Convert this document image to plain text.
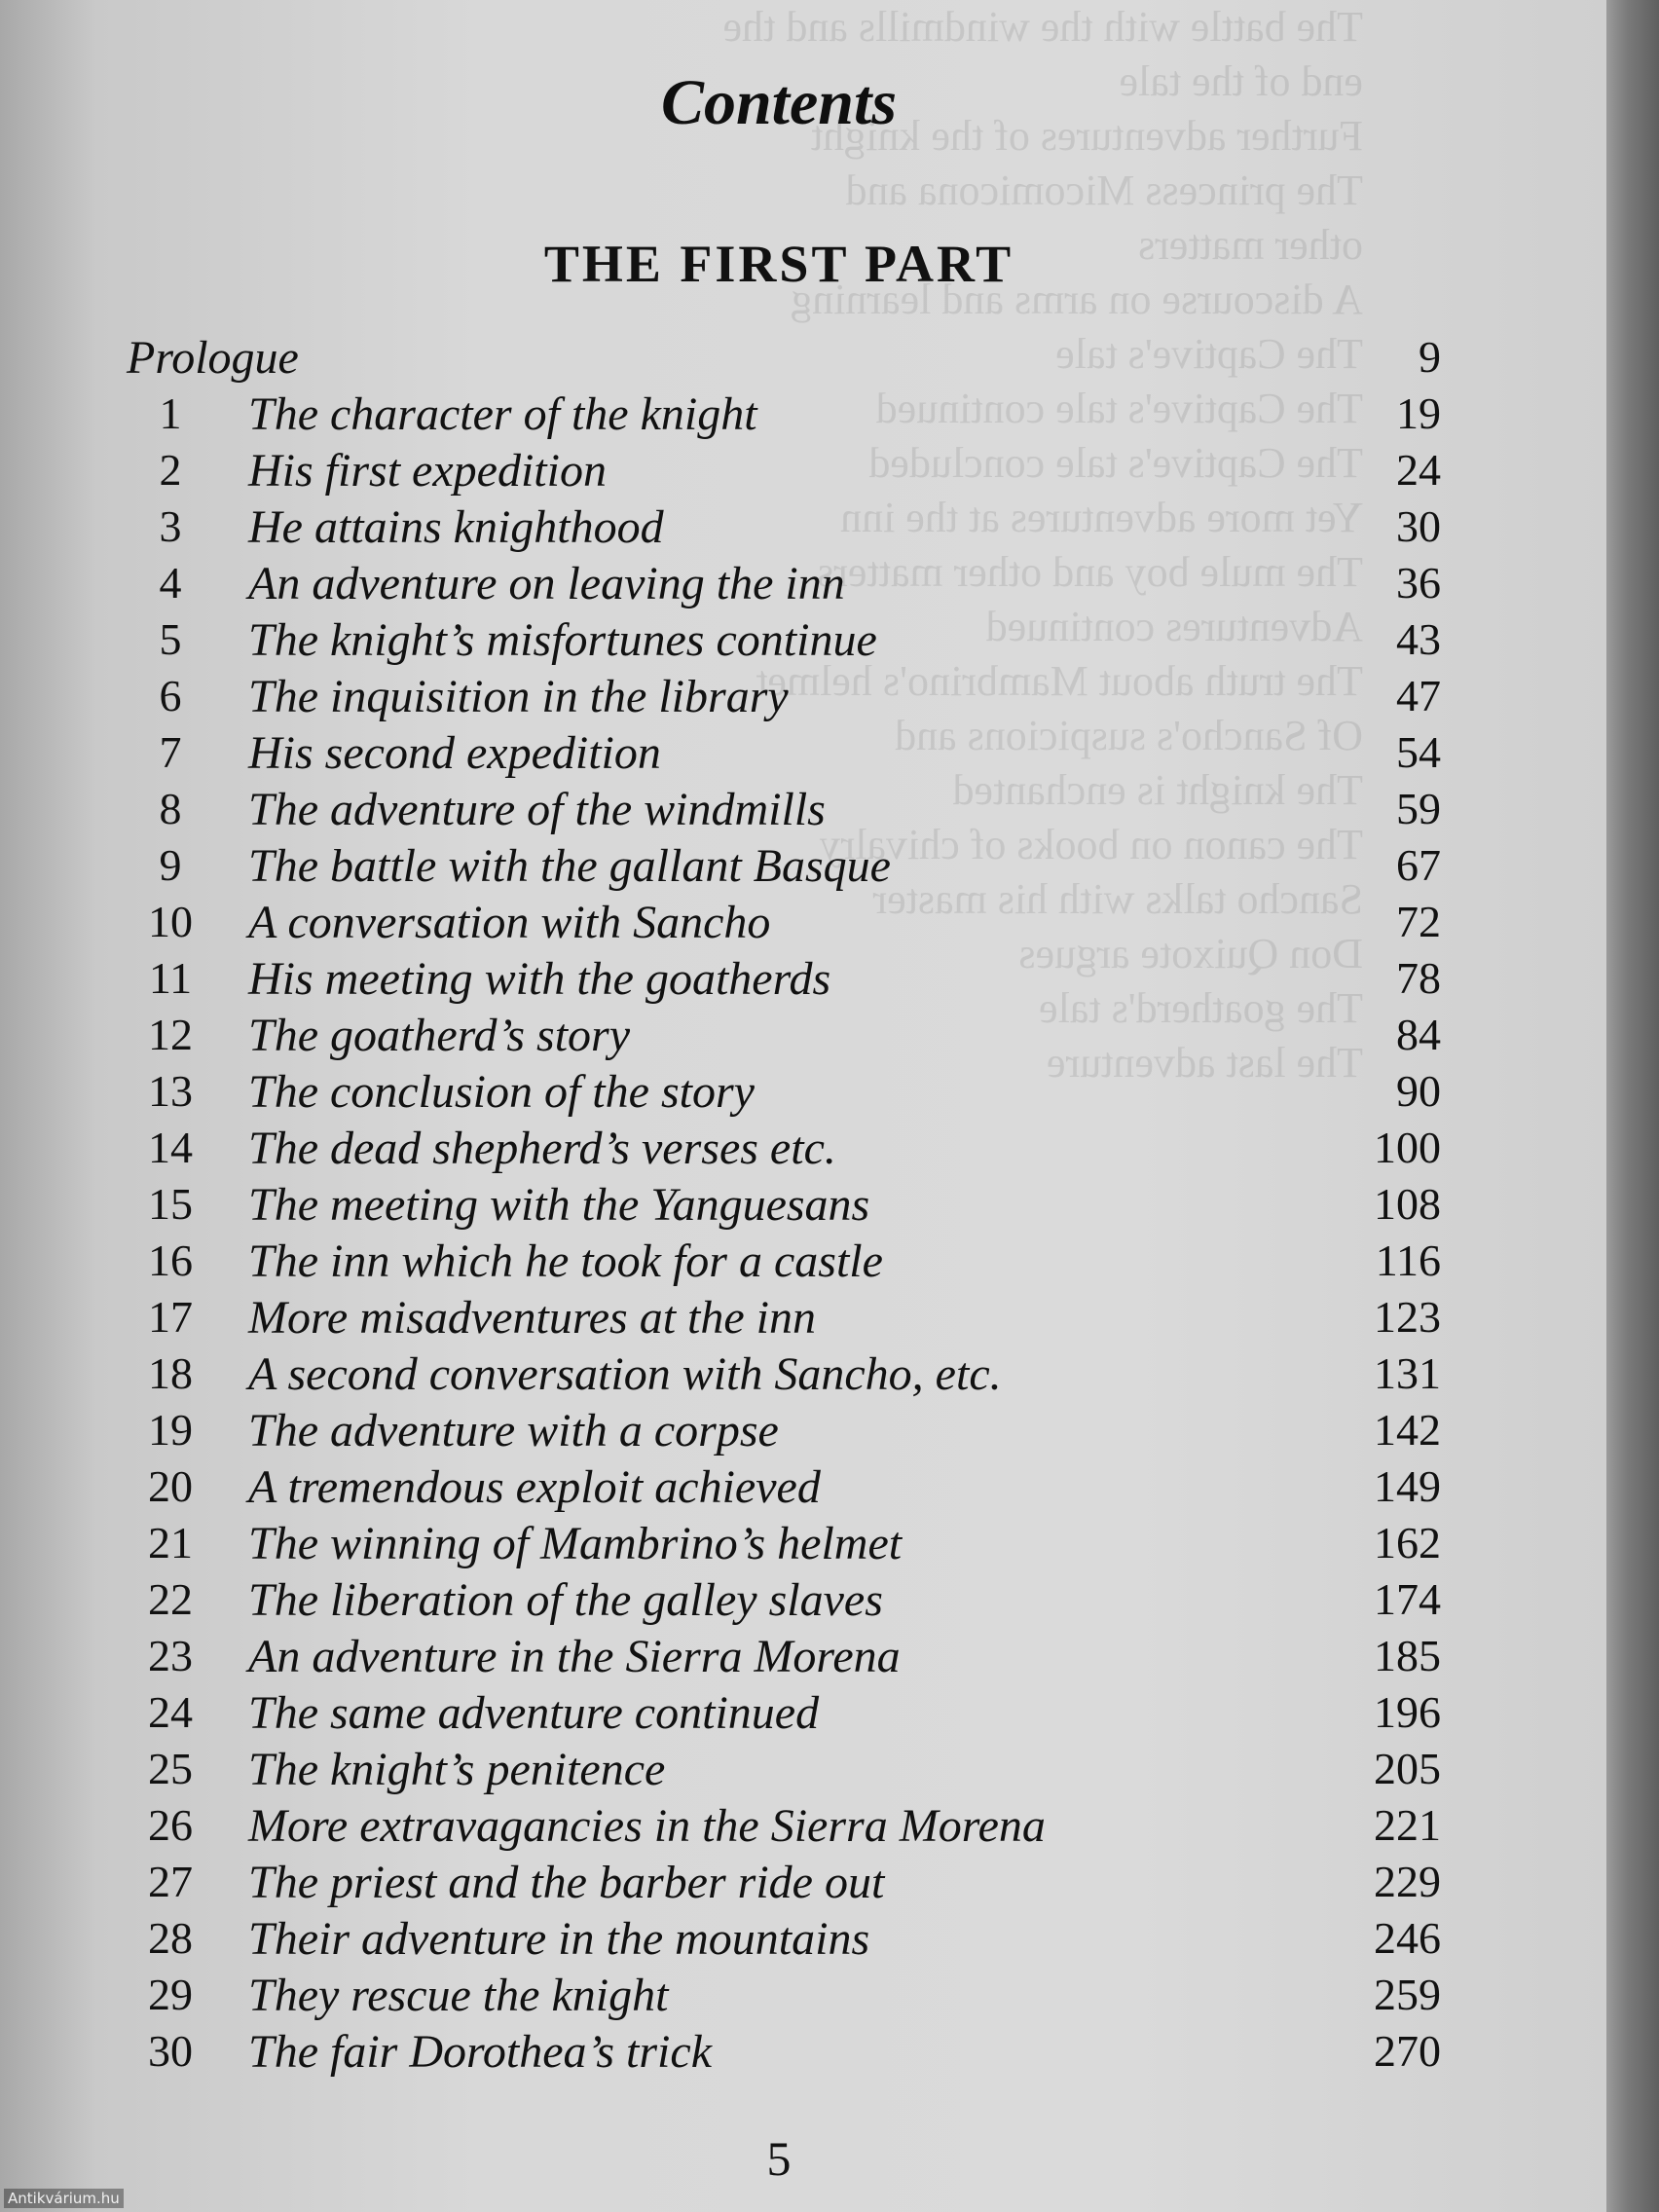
The battle with the windmills and the
end of the tale
Further adventures of the knight
The princess Micomicona and
other matters
A discourse on arms and learning
The Captive's tale
The Captive's tale continued
The Captive's tale concluded
Yet more adventures at the inn
The mule boy and other matters
Adventures continued
The truth about Mambrino's helmet
Of Sancho's suspicions and
The knight is enchanted
The canon on books of chivalry
Sancho talks with his master
Don Quixote argues
The goatherd's tale
The last adventure
Contents
THE FIRST PART
Prologue	9
1	The character of the knight	19
2	His first expedition	24
3	He attains knighthood	30
4	An adventure on leaving the inn	36
5	The knight’s misfortunes continue	43
6	The inquisition in the library	47
7	His second expedition	54
8	The adventure of the windmills	59
9	The battle with the gallant Basque	67
10	A conversation with Sancho	72
11	His meeting with the goatherds	78
12	The goatherd’s story	84
13	The conclusion of the story	90
14	The dead shepherd’s verses etc.	100
15	The meeting with the Yanguesans	108
16	The inn which he took for a castle	116
17	More misadventures at the inn	123
18	A second conversation with Sancho, etc.	131
19	The adventure with a corpse	142
20	A tremendous exploit achieved	149
21	The winning of Mambrino’s helmet	162
22	The liberation of the galley slaves	174
23	An adventure in the Sierra Morena	185
24	The same adventure continued	196
25	The knight’s penitence	205
26	More extravagancies in the Sierra Morena	221
27	The priest and the barber ride out	229
28	Their adventure in the mountains	246
29	They rescue the knight	259
30	The fair Dorothea’s trick	270
5
Antikvárium.hu
